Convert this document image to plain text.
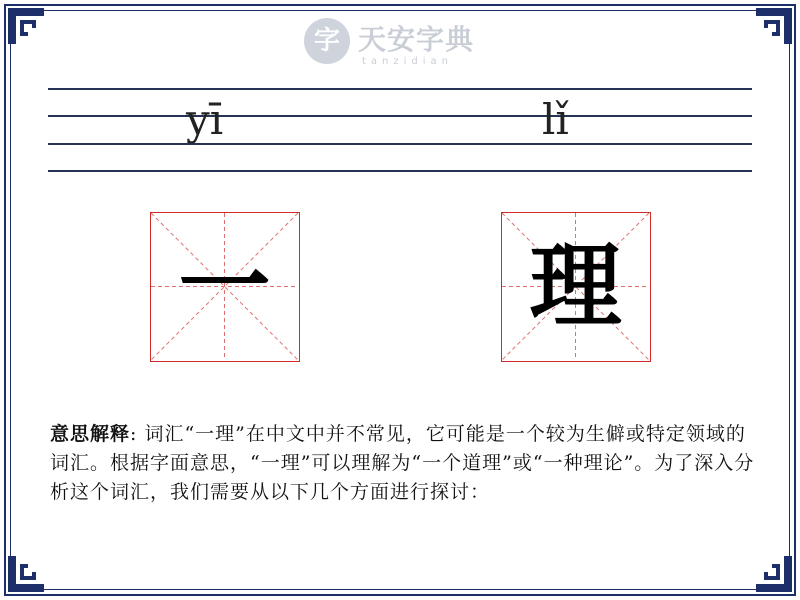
字 天安字典
tanzidian
yī	lǐ
一	理
意思解释: 词汇“一理”在中文中并不常见，它可能是一个较为生僻或特定领域的词汇。根据字面意思，“一理”可以理解为“一个道理”或“一种理论”。为了深入分析这个词汇，我们需要从以下几个方面进行探讨：
